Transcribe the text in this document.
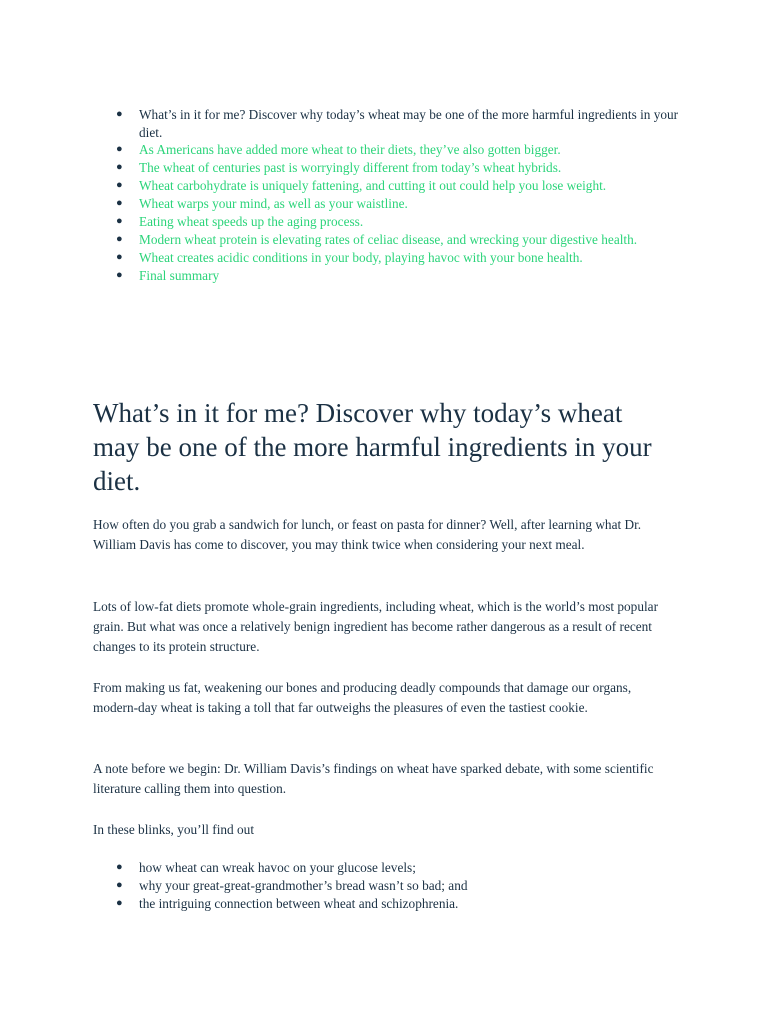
● What’s in it for me? Discover why today’s wheat may be one of the more harmful ingredients in your diet.
● As Americans have added more wheat to their diets, they’ve also gotten bigger.
● The wheat of centuries past is worryingly different from today’s wheat hybrids.
● Wheat carbohydrate is uniquely fattening, and cutting it out could help you lose weight.
● Wheat warps your mind, as well as your waistline.
● Eating wheat speeds up the aging process.
● Modern wheat protein is elevating rates of celiac disease, and wrecking your digestive health.
● Wheat creates acidic conditions in your body, playing havoc with your bone health.
● Final summary
What’s in it for me? Discover why today’s wheat may be one of the more harmful ingredients in your diet.

How often do you grab a sandwich for lunch, or feast on pasta for dinner? Well, after learning what Dr. William Davis has come to discover, you may think twice when considering your next meal.

Lots of low-fat diets promote whole-grain ingredients, including wheat, which is the world’s most popular grain. But what was once a relatively benign ingredient has become rather dangerous as a result of recent changes to its protein structure.

From making us fat, weakening our bones and producing deadly compounds that damage our organs, modern-day wheat is taking a toll that far outweighs the pleasures of even the tastiest cookie.

A note before we begin: Dr. William Davis’s findings on wheat have sparked debate, with some scientific literature calling them into question.

In these blinks, you’ll find out

● how wheat can wreak havoc on your glucose levels;
● why your great-great-grandmother’s bread wasn’t so bad; and
● the intriguing connection between wheat and schizophrenia.
